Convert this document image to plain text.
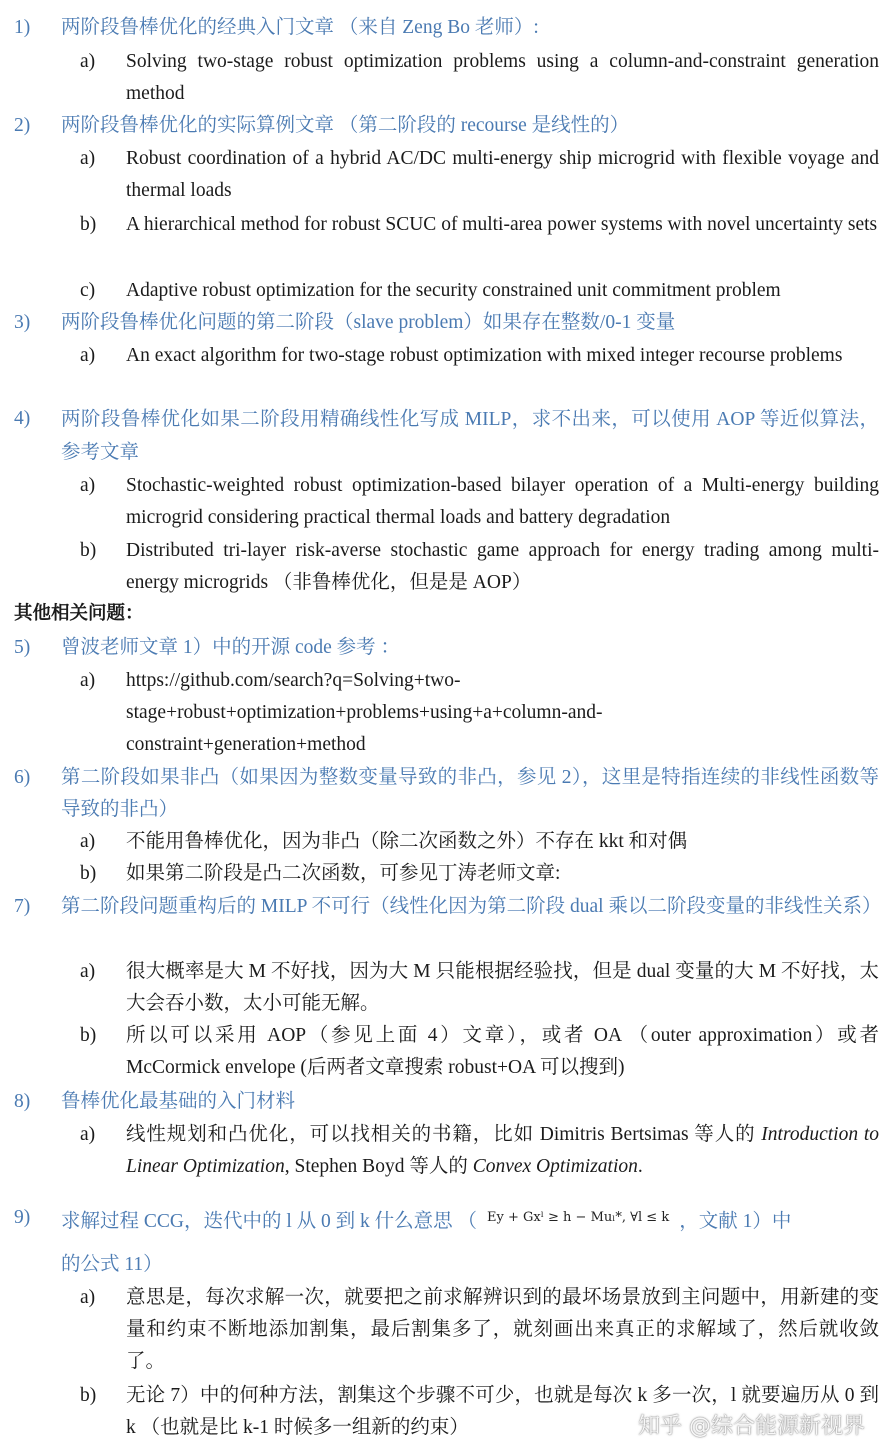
1) 两阶段鲁棒优化的经典入门文章 （来自 Zeng Bo 老师）:
a) Solving two-stage robust optimization problems using a column-and-constraint generation method
2) 两阶段鲁棒优化的实际算例文章 （第二阶段的 recourse 是线性的）
a) Robust coordination of a hybrid AC/DC multi-energy ship microgrid with flexible voyage and thermal loads
b) A hierarchical method for robust SCUC of multi-area power systems with novel uncertainty sets
c) Adaptive robust optimization for the security constrained unit commitment problem
3) 两阶段鲁棒优化问题的第二阶段（slave problem）如果存在整数/0-1 变量
a) An exact algorithm for two-stage robust optimization with mixed integer recourse problems
4) 两阶段鲁棒优化如果二阶段用精确线性化写成 MILP，求不出来，可以使用 AOP 等近似算法，参考文章
a) Stochastic-weighted robust optimization-based bilayer operation of a Multi-energy building microgrid considering practical thermal loads and battery degradation
b) Distributed tri-layer risk-averse stochastic game approach for energy trading among multi-energy microgrids （非鲁棒优化，但是是 AOP）
其他相关问题：
5) 曾波老师文章 1）中的开源 code 参考 ：
a) https://github.com/search?q=Solving+two-
stage+robust+optimization+problems+using+a+column-and-
constraint+generation+method
6) 第二阶段如果非凸（如果因为整数变量导致的非凸，参见 2），这里是特指连续的非线性函数等导致的非凸）
a) 不能用鲁棒优化，因为非凸（除二次函数之外）不存在 kkt 和对偶
b) 如果第二阶段是凸二次函数，可参见丁涛老师文章:
7) 第二阶段问题重构后的 MILP 不可行（线性化因为第二阶段 dual 乘以二阶段变量的非线性关系）
a) 很大概率是大 M 不好找，因为大 M 只能根据经验找，但是 dual 变量的大 M 不好找，太大会吞小数，太小可能无解。
b) 所以可以采用 AOP（参见上面 4）文章），或者 OA （outer approximation）或者 McCormick envelope (后两者文章搜索 robust+OA 可以搜到)
8) 鲁棒优化最基础的入门材料
a) 线性规划和凸优化，可以找相关的书籍，比如 Dimitris Bertsimas 等人的 Introduction to Linear Optimization, Stephen Boyd 等人的 Convex Optimization.
9) 求解过程 CCG，迭代中的 l 从 0 到 k 什么意思 （ Ey + Gxˡ ≥ h − Muₗ*, ∀l ≤ k ，文献 1）中
的公式 11）
a) 意思是，每次求解一次，就要把之前求解辨识到的最坏场景放到主问题中，用新建的变量和约束不断地添加割集，最后割集多了，就刻画出来真正的求解域了，然后就收敛了。
b) 无论 7）中的何种方法，割集这个步骤不可少，也就是每次 k 多一次，l 就要遍历从 0 到 k （也就是比 k-1 时候多一组新的约束）	知乎 @综合能源新视界
